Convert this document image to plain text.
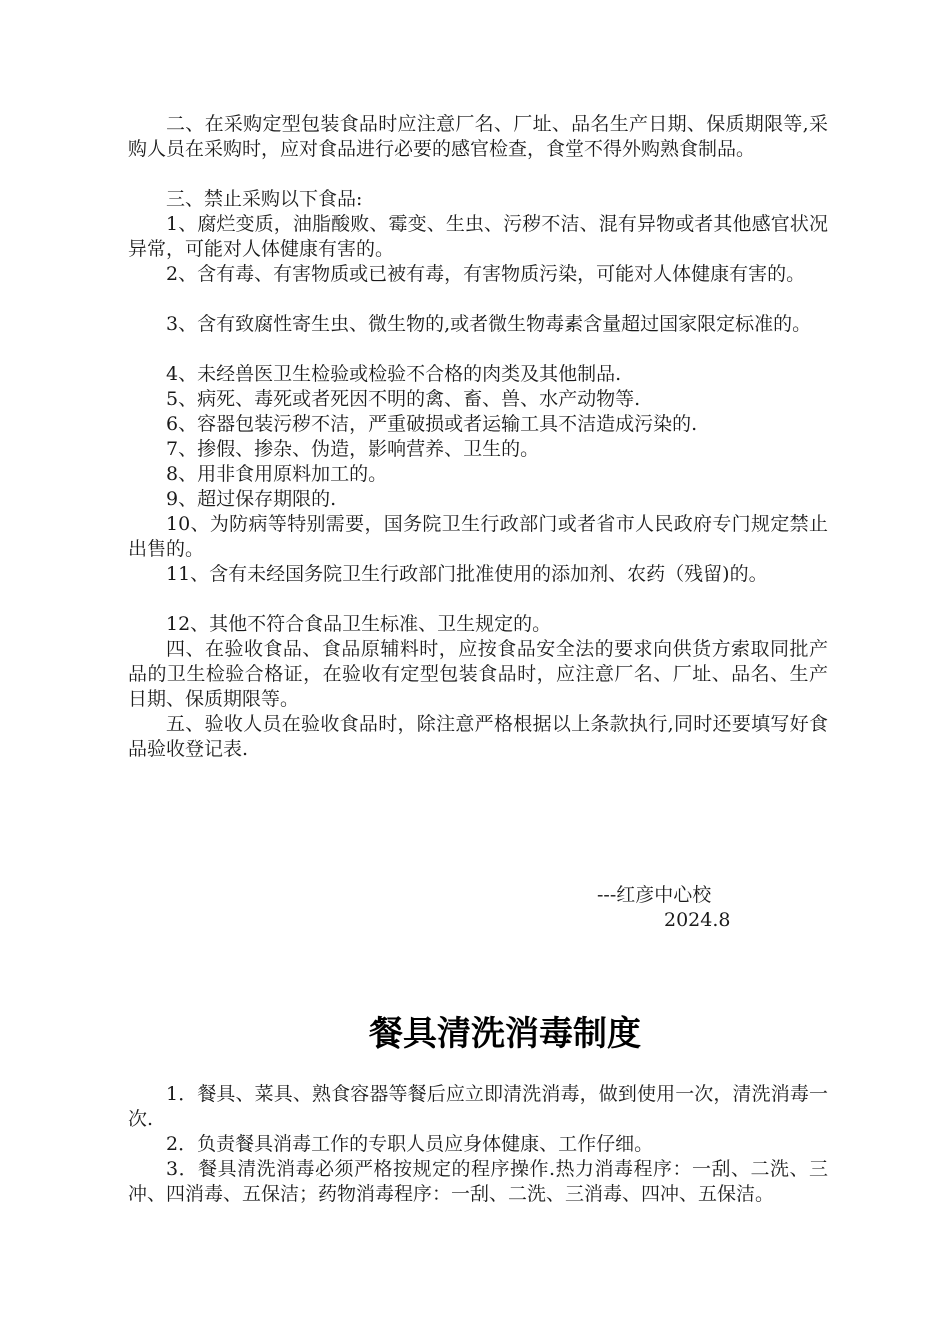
二、在采购定型包装食品时应注意厂名、厂址、品名生产日期、保质期限等,采购人员在采购时，应对食品进行必要的感官检查，食堂不得外购熟食制品。

三、禁止采购以下食品:

1、腐烂变质，油脂酸败、霉变、生虫、污秽不洁、混有异物或者其他感官状况异常，可能对人体健康有害的。

2、含有毒、有害物质或已被有毒，有害物质污染，可能对人体健康有害的。

3、含有致腐性寄生虫、微生物的,或者微生物毒素含量超过国家限定标准的。

4、未经兽医卫生检验或检验不合格的肉类及其他制品.

5、病死、毒死或者死因不明的禽、畜、兽、水产动物等.

6、容器包装污秽不洁，严重破损或者运输工具不洁造成污染的.

7、掺假、掺杂、伪造，影响营养、卫生的。

8、用非食用原料加工的。

9、超过保存期限的.

10、为防病等特别需要，国务院卫生行政部门或者省市人民政府专门规定禁止出售的。

11、含有未经国务院卫生行政部门批准使用的添加剂、农药（残留)的。

12、其他不符合食品卫生标准、卫生规定的。

四、在验收食品、食品原辅料时，应按食品安全法的要求向供货方索取同批产品的卫生检验合格证，在验收有定型包装食品时，应注意厂名、厂址、品名、生产日期、保质期限等。

五、验收人员在验收食品时，除注意严格根据以上条款执行,同时还要填写好食品验收登记表.

---红彦中心校

2024.8

餐具清洗消毒制度

1．餐具、菜具、熟食容器等餐后应立即清洗消毒，做到使用一次，清洗消毒一次.

2．负责餐具消毒工作的专职人员应身体健康、工作仔细。

3．餐具清洗消毒必须严格按规定的程序操作.热力消毒程序：一刮、二洗、三冲、四消毒、五保洁；药物消毒程序：一刮、二洗、三消毒、四冲、五保洁。
